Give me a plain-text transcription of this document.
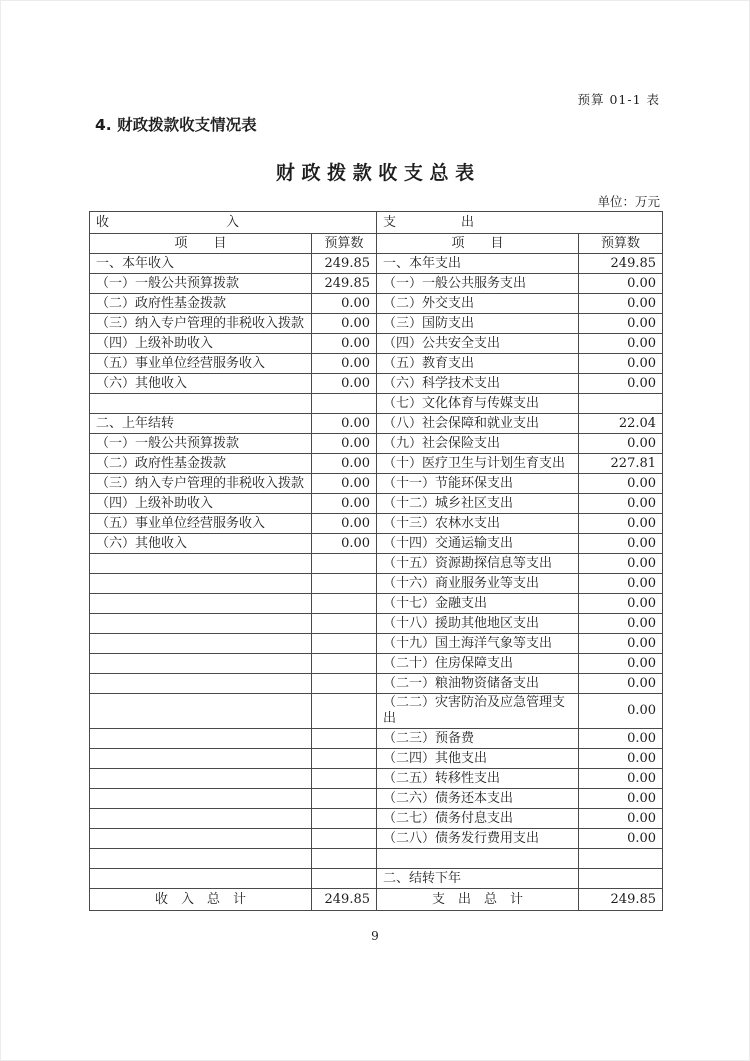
预算 01-1 表
4. 财政拨款收支情况表
财 政 拨 款 收 支 总 表
单位：万元
收　　　　　　　　　入		支　　　　　出	
项　　目	预算数	项　　目	预算数
一、本年收入	249.85	一、本年支出	249.85
（一）一般公共预算拨款	249.85	（一）一般公共服务支出	0.00
（二）政府性基金拨款	0.00	（二）外交支出	0.00
（三）纳入专户管理的非税收入拨款	0.00	（三）国防支出	0.00
（四）上级补助收入	0.00	（四）公共安全支出	0.00
（五）事业单位经营服务收入	0.00	（五）教育支出	0.00
（六）其他收入	0.00	（六）科学技术支出	0.00
		（七）文化体育与传媒支出	
二、上年结转	0.00	（八）社会保障和就业支出	22.04
（一）一般公共预算拨款	0.00	（九）社会保险支出	0.00
（二）政府性基金拨款	0.00	（十）医疗卫生与计划生育支出	227.81
（三）纳入专户管理的非税收入拨款	0.00	（十一）节能环保支出	0.00
（四）上级补助收入	0.00	（十二）城乡社区支出	0.00
（五）事业单位经营服务收入	0.00	（十三）农林水支出	0.00
（六）其他收入	0.00	（十四）交通运输支出	0.00
		（十五）资源勘探信息等支出	0.00
		（十六）商业服务业等支出	0.00
		（十七）金融支出	0.00
		（十八）援助其他地区支出	0.00
		（十九）国土海洋气象等支出	0.00
		（二十）住房保障支出	0.00
		（二一）粮油物资储备支出	0.00
		（二二）灾害防治及应急管理支出	0.00
		（二三）预备费	0.00
		（二四）其他支出	0.00
		（二五）转移性支出	0.00
		（二六）债务还本支出	0.00
		（二七）债务付息支出	0.00
		（二八）债务发行费用支出	0.00

		二、结转下年	
收　入　总　计	249.85	支　出　总　计	249.85
9
